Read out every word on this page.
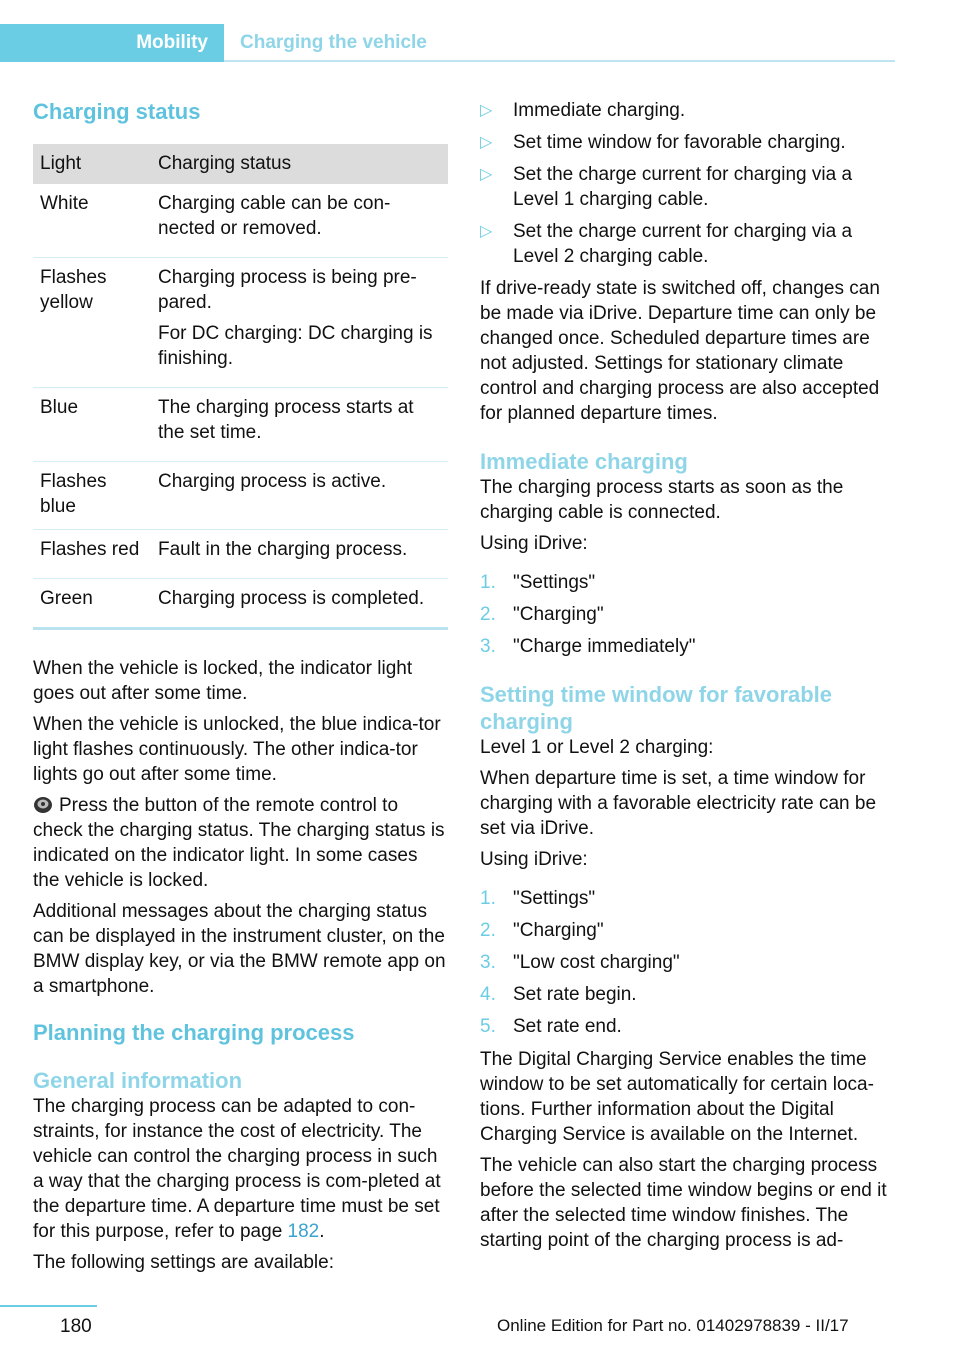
Mobility	Charging the vehicle
Charging status
Light	Charging status
White	Charging cable can be con-nected or removed.

Flashes yellow	Charging process is being pre-pared.
For DC charging: DC charging is finishing.

Blue	The charging process starts at the set time.

Flashes blue	Charging process is active.

Flashes red	Fault in the charging process.

Green	Charging process is completed.

When the vehicle is locked, the indicator light goes out after some time.

When the vehicle is unlocked, the blue indica-tor light flashes continuously. The other indica-tor lights go out after some time.

Press the button of the remote control to check the charging status. The charging status is indicated on the indicator light. In some cases the vehicle is locked.

Additional messages about the charging status can be displayed in the instrument cluster, on the BMW display key, or via the BMW remote app on a smartphone.

Planning the charging process
General information

The charging process can be adapted to con-straints, for instance the cost of electricity. The vehicle can control the charging process in such a way that the charging process is com-pleted at the departure time. A departure time must be set for this purpose, refer to page 182.

The following settings are available:

▷ Immediate charging.
▷ Set time window for favorable charging.
▷ Set the charge current for charging via a Level 1 charging cable.
▷ Set the charge current for charging via a Level 2 charging cable.

If drive-ready state is switched off, changes can be made via iDrive. Departure time can only be changed once. Scheduled departure times are not adjusted. Settings for stationary climate control and charging process are also accepted for planned departure times.

Immediate charging

The charging process starts as soon as the charging cable is connected.

Using iDrive:

1. "Settings"
2. "Charging"
3. "Charge immediately"
Setting time window for favorable
charging

Level 1 or Level 2 charging:

When departure time is set, a time window for charging with a favorable electricity rate can be set via iDrive.

Using iDrive:

1. "Settings"
2. "Charging"
3. "Low cost charging"
4. Set rate begin.
5. Set rate end.

The Digital Charging Service enables the time window to be set automatically for certain loca-tions. Further information about the Digital Charging Service is available on the Internet.

The vehicle can also start the charging process before the selected time window begins or end it after the selected time window finishes. The starting point of the charging process is ad-

180	Online Edition for Part no. 01402978839 - II/17
